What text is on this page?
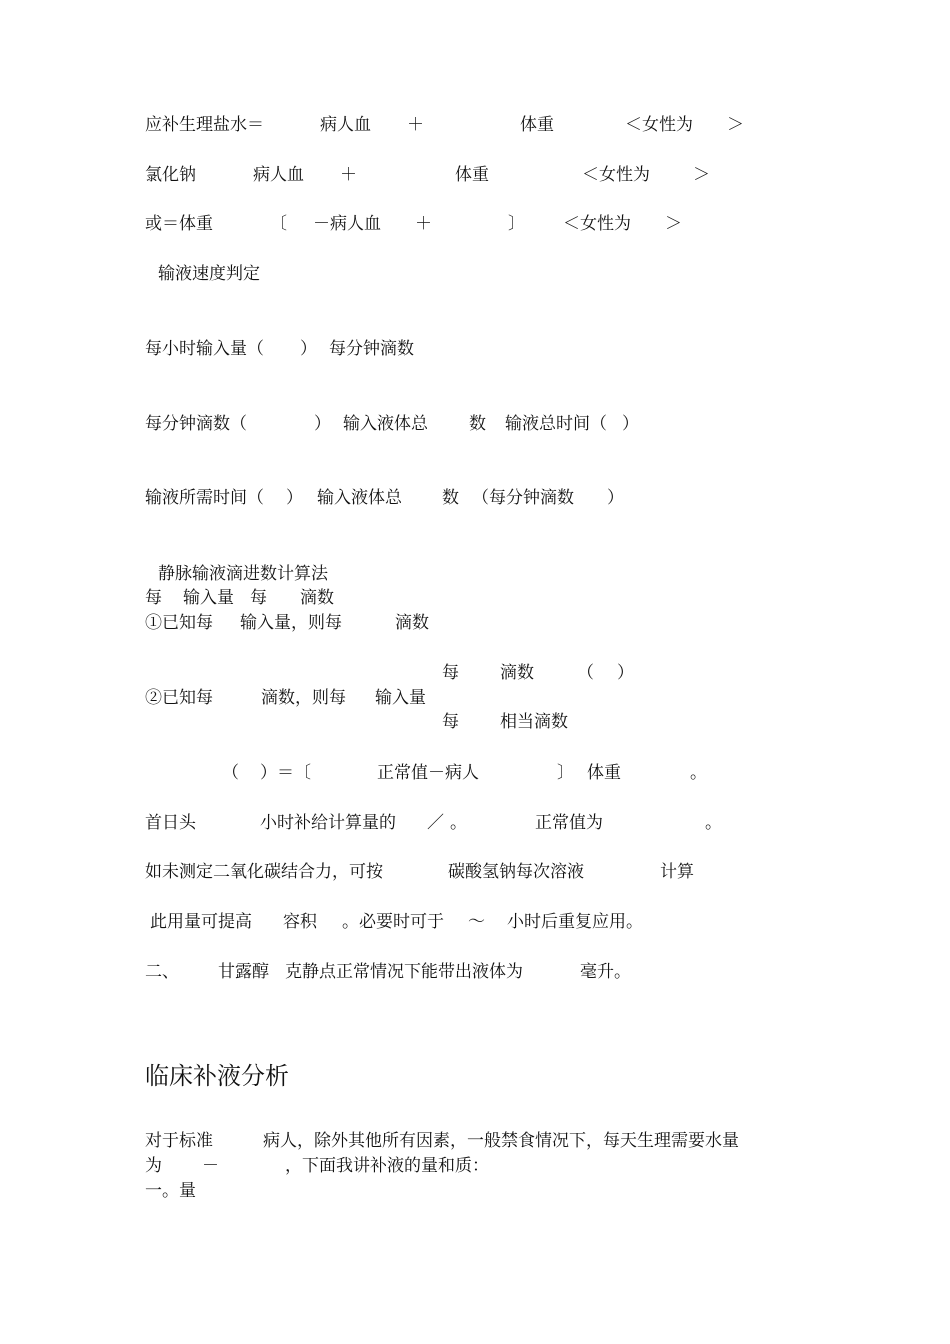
应补生理盐水＝	病人血 ＋	体重	＜女性为 ＞
氯化钠	病人血 ＋	体重	＜女性为	＞
或＝体重	〔 －病人血 ＋	〕 ＜女性为 ＞
输液速度判定
每小时输入量（ ） 每分钟滴数
每分钟滴数（	） 输入液体总 数 输液总时间（ ）
输液所需时间（ ） 输入液体总 数 （每分钟滴数 ）
静脉输液滴进数计算法
每 输入量 每 滴数
①已知每 输入量，则每	滴数
每 滴数	（ ）
②已知每	滴数，则每 输入量
每 相当滴数
（ ）＝〔	正常值－病人	〕 体重	。
首日头	小时补给计算量的 ／ 。	正常值为	。
如未测定二氧化碳结合力，可按	碳酸氢钠每次溶液	计算
此用量可提高 容积 。必要时可于 ～ 小时后重复应用。
二、 甘露醇 克静点正常情况下能带出液体为	毫升。
临床补液分析
对于标准	病人，除外其他所有因素，一般禁食情况下，每天生理需要水量
为 －	，下面我讲补液的量和质：
一。量
